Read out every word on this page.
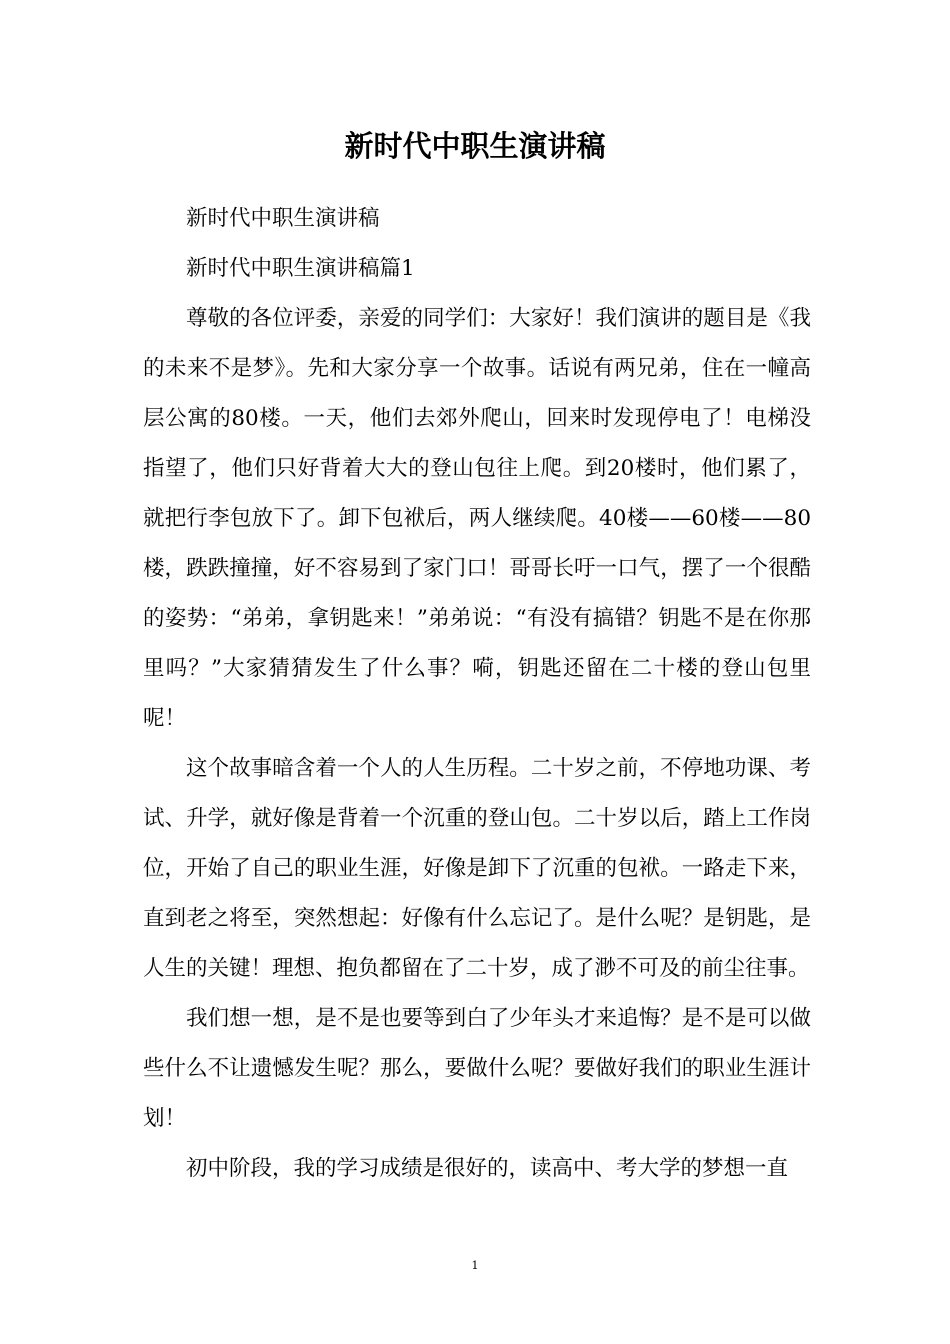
新时代中职生演讲稿

新时代中职生演讲稿

新时代中职生演讲稿篇1

尊敬的各位评委，亲爱的同学们：大家好！我们演讲的题目是《我的未来不是梦》。先和大家分享一个故事。话说有两兄弟，住在一幢高层公寓的80楼。一天，他们去郊外爬山，回来时发现停电了！电梯没指望了，他们只好背着大大的登山包往上爬。到20楼时，他们累了，就把行李包放下了。卸下包袱后，两人继续爬。40楼——60楼——80楼，跌跌撞撞，好不容易到了家门口！哥哥长吁一口气，摆了一个很酷的姿势：“弟弟，拿钥匙来！”弟弟说：“有没有搞错？钥匙不是在你那里吗？”大家猜猜发生了什么事？嗬，钥匙还留在二十楼的登山包里呢！

这个故事暗含着一个人的人生历程。二十岁之前，不停地功课、考试、升学，就好像是背着一个沉重的登山包。二十岁以后，踏上工作岗位，开始了自己的职业生涯，好像是卸下了沉重的包袱。一路走下来，直到老之将至，突然想起：好像有什么忘记了。是什么呢？是钥匙，是人生的关键！理想、抱负都留在了二十岁，成了渺不可及的前尘往事。

我们想一想，是不是也要等到白了少年头才来追悔？是不是可以做些什么不让遗憾发生呢？那么，要做什么呢？要做好我们的职业生涯计划！

初中阶段，我的学习成绩是很好的，读高中、考大学的梦想一直

1
